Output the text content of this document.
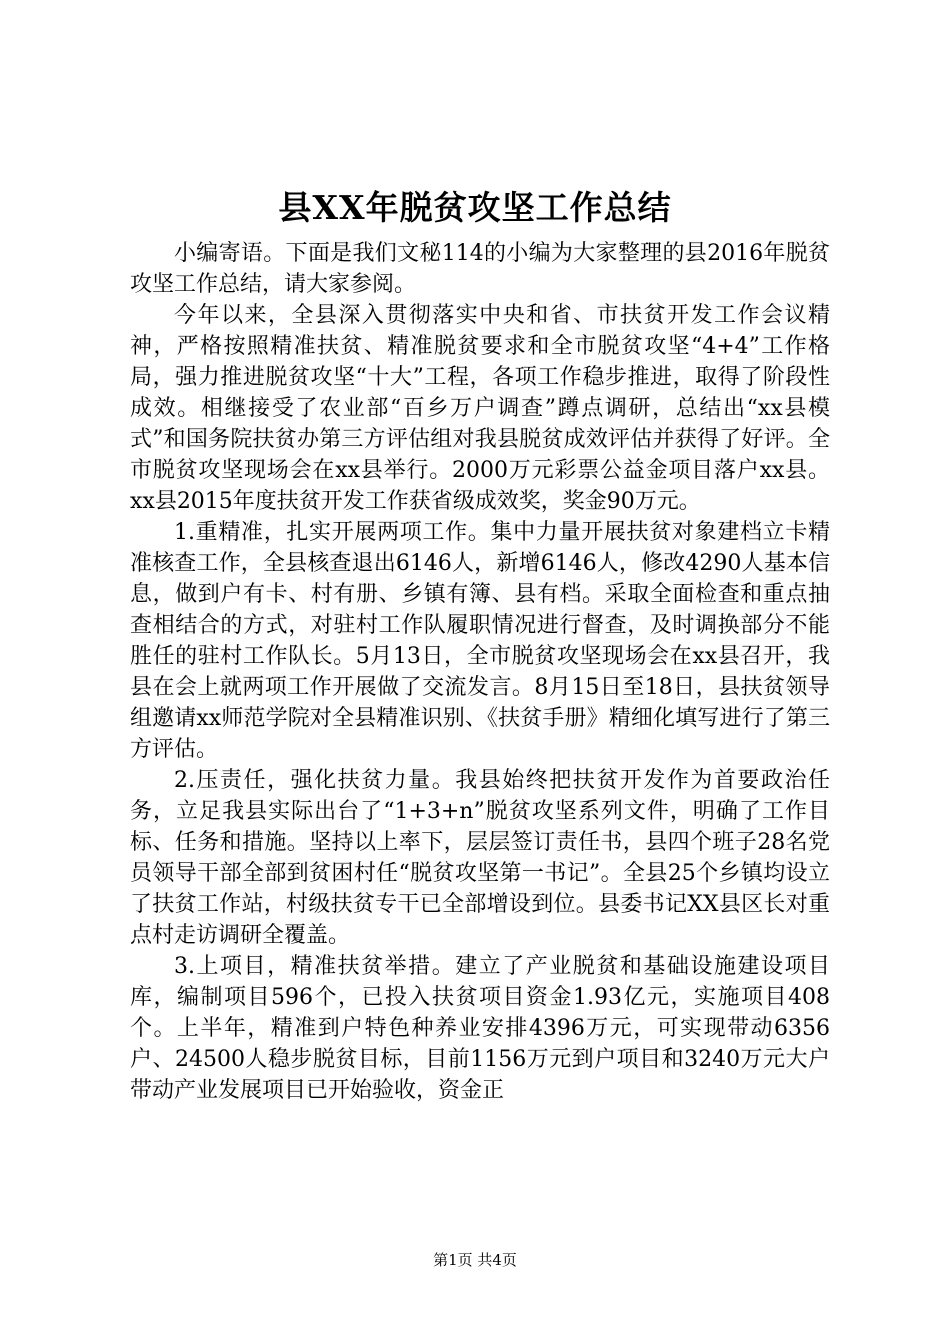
县XX年脱贫攻坚工作总结

小编寄语。下面是我们文秘114的小编为大家整理的县2016年脱贫攻坚工作总结，请大家参阅。

今年以来，全县深入贯彻落实中央和省、市扶贫开发工作会议精神，严格按照精准扶贫、精准脱贫要求和全市脱贫攻坚“4+4”工作格局，强力推进脱贫攻坚“十大”工程，各项工作稳步推进，取得了阶段性成效。相继接受了农业部“百乡万户调查”蹲点调研，总结出“xx县模式”和国务院扶贫办第三方评估组对我县脱贫成效评估并获得了好评。全市脱贫攻坚现场会在xx县举行。2000万元彩票公益金项目落户xx县。xx县2015年度扶贫开发工作获省级成效奖，奖金90万元。

1.重精准，扎实开展两项工作。集中力量开展扶贫对象建档立卡精准核查工作，全县核查退出6146人，新增6146人，修改4290人基本信息，做到户有卡、村有册、乡镇有簿、县有档。采取全面检查和重点抽查相结合的方式，对驻村工作队履职情况进行督查，及时调换部分不能胜任的驻村工作队长。5月13日，全市脱贫攻坚现场会在xx县召开，我县在会上就两项工作开展做了交流发言。8月15日至18日，县扶贫领导组邀请xx师范学院对全县精准识别、《扶贫手册》精细化填写进行了第三方评估。

2.压责任，强化扶贫力量。我县始终把扶贫开发作为首要政治任务，立足我县实际出台了“1+3+n”脱贫攻坚系列文件，明确了工作目标、任务和措施。坚持以上率下，层层签订责任书，县四个班子28名党员领导干部全部到贫困村任“脱贫攻坚第一书记”。全县25个乡镇均设立了扶贫工作站，村级扶贫专干已全部增设到位。县委书记XX县区长对重点村走访调研全覆盖。

3.上项目，精准扶贫举措。建立了产业脱贫和基础设施建设项目库，编制项目596个，已投入扶贫项目资金1.93亿元，实施项目408个。上半年，精准到户特色种养业安排4396万元，可实现带动6356户、24500人稳步脱贫目标，目前1156万元到户项目和3240万元大户带动产业发展项目已开始验收，资金正

第1页 共4页
